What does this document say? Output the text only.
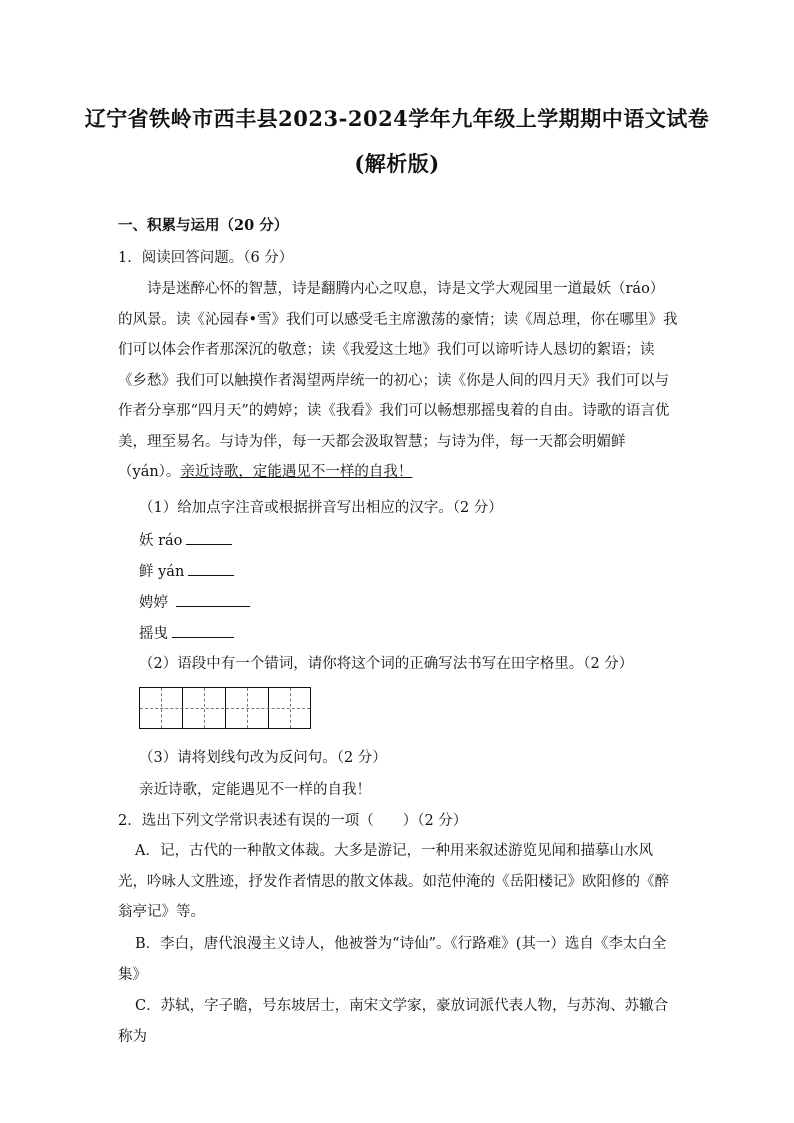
辽宁省铁岭市西丰县2023-2024学年九年级上学期期中语文试卷
(解析版)
一、积累与运用（20 分）
1．阅读回答问题。（6 分）
诗是迷醉心怀的智慧，诗是翻腾内心之叹息，诗是文学大观园里一道最妖（ráo）的风景。读《沁园春•雪》我们可以感受毛主席激荡的豪情；读《周总理，你在哪里》我们可以体会作者那深沉的敬意；读《我爱这土地》我们可以谛听诗人恳切的絮语；读《乡愁》我们可以触摸作者渴望两岸统一的初心；读《你是人间的四月天》我们可以与作者分享那“四月天”的娉婷；读《我看》我们可以畅想那摇曳着的自由。诗歌的语言优美，理至易名。与诗为伴，每一天都会汲取智慧；与诗为伴，每一天都会明媚鲜（yán）。亲近诗歌，定能遇见不一样的自我！
（1）给加点字注音或根据拼音写出相应的汉字。（2 分）
妖 ráo
鲜 yán
娉婷
摇曳
（2）语段中有一个错词，请你将这个词的正确写法书写在田字格里。（2 分）
（3）请将划线句改为反问句。（2 分）
亲近诗歌，定能遇见不一样的自我！
2．选出下列文学常识表述有误的一项（　　）（2 分）
A．记，古代的一种散文体裁。大多是游记，一种用来叙述游览见闻和描摹山水风光，吟咏人文胜迹，抒发作者情思的散文体裁。如范仲淹的《岳阳楼记》欧阳修的《醉翁亭记》等。
B．李白，唐代浪漫主义诗人，他被誉为“诗仙”。《行路难》(其一）选自《李太白全集》
C．苏轼，字子瞻，号东坡居士，南宋文学家，豪放词派代表人物，与苏洵、苏辙合称为
